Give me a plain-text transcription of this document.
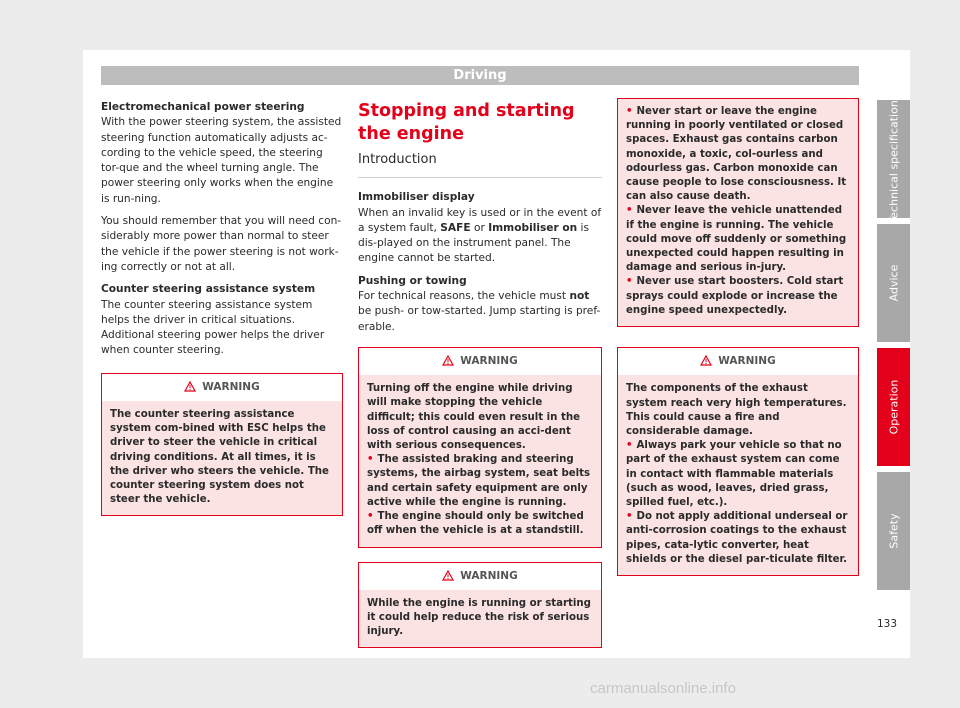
Driving
Electromechanical power steering

With the power steering system, the assisted steering function automatically adjusts ac-cording to the vehicle speed, the steering tor-que and the wheel turning angle. The power steering only works when the engine is run-ning.

You should remember that you will need con-siderably more power than normal to steer the vehicle if the power steering is not work-ing correctly or not at all.

Counter steering assistance system

The counter steering assistance system helps the driver in critical situations. Additional steering power helps the driver when counter steering.

WARNING
The counter steering assistance system com-bined with ESC helps the driver to steer the vehicle in critical driving conditions. At all times, it is the driver who steers the vehicle. The counter steering system does not steer the vehicle.
Stopping and starting the engine
Introduction
Immobiliser display

When an invalid key is used or in the event of a system fault, SAFE or Immobiliser on is dis-played on the instrument panel. The engine cannot be started.

Pushing or towing

For technical reasons, the vehicle must not be push- or tow-started. Jump starting is pref-erable.

WARNING
Turning off the engine while driving will make stopping the vehicle difficult; this could even result in the loss of control causing an acci-dent with serious consequences.
• The assisted braking and steering systems, the airbag system, seat belts and certain safety equipment are only active while the engine is running.
• The engine should only be switched off when the vehicle is at a standstill.
WARNING
While the engine is running or starting it could help reduce the risk of serious injury.
• Never start or leave the engine running in poorly ventilated or closed spaces. Exhaust gas contains carbon monoxide, a toxic, col-ourless and odourless gas. Carbon monoxide can cause people to lose consciousness. It can also cause death.
• Never leave the vehicle unattended if the engine is running. The vehicle could move off suddenly or something unexpected could happen resulting in damage and serious in-jury.
• Never use start boosters. Cold start sprays could explode or increase the engine speed unexpectedly.
WARNING
The components of the exhaust system reach very high temperatures. This could cause a fire and considerable damage.
• Always park your vehicle so that no part of the exhaust system can come in contact with flammable materials (such as wood, leaves, dried grass, spilled fuel, etc.).
• Do not apply additional underseal or anti-corrosion coatings to the exhaust pipes, cata-lytic converter, heat shields or the diesel par-ticulate filter.
Technical specifications
Advice
Operation
Safety
133
carmanualsonline.info
